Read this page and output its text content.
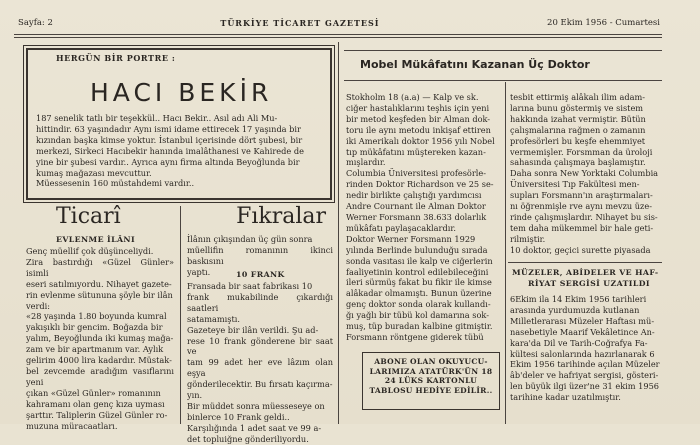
Sayfa: 2	TÜRKİYE TİCARET GAZETESİ	20 Ekim 1956 - Cumartesi
HERGÜN BİR PORTRE :
HACI BEKİR
187 senelik tatlı bir teşekkül.. Hacı Bekir.. Asıl adı Ali Mu-
hittindir. 63 yaşındadır Aynı ismi idame ettirecek 17 yaşında bir
kızından başka kimse yoktur. İstanbul içerisinde dört şubesi, bir
merkezi, Sirkeci Hacıbekir hanında imalâthanesi ve Kahirede de
yine bir şubesi vardır.. Ayrıca aynı firma altında Beyoğlunda bir
kumaş mağazası mevcuttur.
Müessesenin 160 müstahdemi vardır..
Ticarî	Fıkralar
EVLENME İLÂNI
Genç müellif çok düşünceliydi.
Zira bastırdığı «Güzel Günler» isimli
eseri satılmıyordu. Nihayet gazete-
rin evlenme sütununa şöyle bir ilân
verdi:
«28 yaşında 1.80 boyunda kumral
yakışıklı bir gencim. Boğazda bir
yalım, Beyoğlunda iki kumaş mağa-
zam ve bir apartmanım var. Aylık
gelirim 4000 lira kadardır. Müstak-
bel zevcemde aradığım vasıflarını yeni
çıkan «Güzel Günler» romanının
kahramanı olan genç kıza uyması
şarttır. Taliplerin Güzel Günler ro-
muzuna müracaatları.
İlânın çıkışından üç gün sonra
müellifin romanının ikinci baskısını
yaptı.	10 FRANK
Fransada bir saat fabrikası 10
frank mukabilinde çıkardığı saatleri
satamamıştı.
Gazeteye bir ilân verildi. Şu ad-
rese 10 frank gönderene bir saat ve
tam 99 adet her eve lâzım olan eşya
gönderilecektir. Bu fırsatı kaçırma-
yın.
Bir müddet sonra müesseseye on
binlerce 10 Frank geldi..
Karşılığında 1 adet saat ve 99 a-
det topluiğne gönderiliyordu.
Mobel Mükâfatını Kazanan Üç Doktor
Stokholm 18 (a.a) — Kalp ve sk.
ciğer hastalıklarını teşhis için yeni
bir metod keşfeden bir Alman dok-
toru ile aynı metodu inkişaf ettiren
iki Amerikalı doktor 1956 yılı Nobel
tıp mükâfatını müştereken kazan-
mışlardır.
Columbia Üniversitesi profesörle-
rinden Doktor Richardson ve 25 se-
nedir birlikte çalıştığı yardımcısı
Andre Cournant ile Alman Doktor
Werner Forsmann 38.633 dolarlık
mükâfatı paylaşacaklardır.
Doktor Werner Forsmann 1929
yılında Berlinde bulunduğu sırada
sonda vasıtası ile kalp ve ciğerlerin
faaliyetinin kontrol edilebileceğini
ileri sürmüş fakat bu fikir ile kimse
alâkadar olmamıştı. Bunun üzerine
genç doktor sonda olarak kullandı-
ğı yağlı bir tübü kol damarına sok-
muş, tüp buradan kalbine gitmiştir.
Forsmann röntgene giderek tübü
ABONE OLAN OKUYUCU- LARIMIZA ATATÜRK'ÜN 18 24 LÜKS KARTONLU TABLOSU HEDİYE EDİLİR..
tesbit ettirmiş alâkalı ilim adam-
larına bunu göstermiş ve sistem
hakkında izahat vermiştir. Bütün
çalışmalarına rağmen o zamanın
profesörleri bu keşfe ehemmiyet
vermemişler. Forsmman da üroloji
sahasında çalışmaya başlamıştır.
Daha sonra New Yorktaki Columbia
Üniversitesi Tıp Fakültesi men-
supları Forsmann'ın araştırmaları-
nı öğrenmişle rve aynı mevzu üze-
rinde çalışmışlardır. Nihayet bu sis-
tem daha mükemmel bir hale geti-
rilmiştir.
10 doktor, geçici surette piyasada
MÜZELER, ABİDELER VE HAF-
RİYAT SERGİSİ UZATILDI
6Ekim ila 14 Ekim 1956 tarihleri
arasında yurdumuzda kutlanan
Milletlerarası Müzeler Haftası mü-
nasebetiyle Maarif Vekâletince An-
kara'da Dil ve Tarih-Coğrafya Fa-
kültesi salonlarında hazırlanarak 6
Ekim 1956 tarihinde açılan Müzeler
âb'deler ve hafriyat sergisi, gösteri-
len büyük ilgi üzer'ne 31 ekim 1956
tarihine kadar uzatılmıştır.
